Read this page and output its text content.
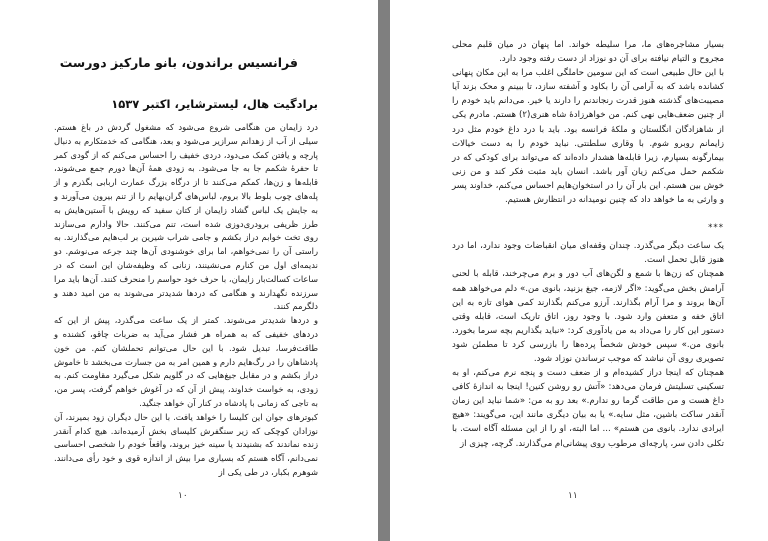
فرانسیس براندون، بانو مارکیز دورست
برادگیت هال، لیسترشایر، اکتبر ۱۵۳۷

درد زایمان من هنگامی شروع می‌شود که مشغول گردش در باغ هستم. سیلی از آب از زهدانم سرازیر می‌شود و بعد، هنگامی که خدمتکارم به دنبال پارچه و یافتن کمک می‌دود، دردی خفیف را احساس می‌کنم که از گودی کمر تا حفرهٔ شکمم جا به جا می‌شود. به زودی همهٔ آن‌ها دورم جمع می‌شوند، قابله‌ها و زن‌ها، کمکم می‌کنند تا از درگاه بزرگ عمارت اربابی بگذرم و از پله‌های چوب بلوط بالا بروم، لباس‌های گران‌بهایم را از تنم بیرون می‌آورند و به جایش یک لباس گشاد زایمان از کتان سفید که رویش با آستین‌هایش به طرز ظریفی برودری‌دوزی شده است، تنم می‌کنند. حالا وادارم می‌سازند روی تخت خوابم دراز بکشم و جامی شراب شیرین بر لب‌هایم می‌گذارند. به راستی آن را نمی‌خواهم، اما برای خوشنودی آن‌ها چند جرعه می‌نوشم. دو ندیمه‌ای اول من کنارم می‌نشینند، زنانی که وظیفه‌شان این است که در ساعات کسالت‌بار زایمان، با حرف خود حواسم را منحرف کنند. آن‌ها باید مرا سرزنده نگهدارند و هنگامی که دردها شدیدتر می‌شوند به من امید دهند و دلگرمم کنند.

و دردها شدیدتر می‌شوند. کمتر از یک ساعت می‌گذرد، پیش از این که دردهای خفیفی که به همراه هر فشار می‌آید به ضربات چاقو، کشنده و طاقت‌فرسا، تبدیل شود. با این حال می‌توانم تحملشان کنم. من خون پادشاهان را در رگ‌هایم دارم و همین امر به من جسارت می‌بخشد تا خاموش دراز بکشم و در مقابل جیغ‌هایی که در گلویم شکل می‌گیرد مقاومت کنم. به زودی، به خواست خداوند، پیش از آن که در آغوش خواهم گرفت، پسر من، به تاجی که زمانی با پادشاه در کنار آن خواهد جنگید.

کبوترهای جوان این کلیسا را خواهد یافت. با این حال دیگران زود بمیرند، آن نوزادان کوچکی که زیر سنگفرش کلیسای بخش آرمیده‌اند. هیچ کدام آنقدر زنده نماندند که بشنیدند یا سینه خیز بروند، واقعاً خودم را شخصی احساسی نمی‌دانم، آگاه هستم که بسیاری مرا بیش از اندازه قوی و خود رأی می‌دانند. شوهرم بکبار، در طی یکی از

۱۰

بسیار مشاجره‌های ما، مرا سلیطه خواند. اما پنهان در میان قلبم محلی مجروح و التیام نیافته برای آن دو نوزاد از دست رفته وجود دارد.

با این حال طبیعی است که این سومین حاملگی اغلب مرا به این مکان پنهانی کشانده باشد که به آرامی آن را بکاود و آشفته سازد، تا ببینم و محک بزند آیا مصیبت‌های گذشته هنوز قدرت رنجاندنم را دارند یا خیر. می‌دانم باید خودم را از چنین ضعف‌هایی نهی کنم. من خواهرزادهٔ شاه هنری(۲) هستم. مادرم یکی از شاهزادگان انگلستان و ملکهٔ فرانسه بود. باید با درد داغ خودم مثل درد زایمانم روبرو شوم. با وقاری سلطنتی. نباید خودم را به دست خیالات بیمارگونه بسپارم، زیرا قابله‌ها هشدار داده‌اند که می‌تواند برای کودکی که در شکمم حمل می‌کنم زیان آور باشد. انسان باید مثبت فکر کند و من زنی خوش بین هستم. این بار آن را در استخوان‌هایم احساس می‌کنم، خداوند پسر و وارثی به ما خواهد داد که چنین نومیدانه در انتظارش هستیم.

***

یک ساعت دیگر می‌گذرد. چندان وقفه‌ای میان انقباضات وجود ندارد، اما درد هنوز قابل تحمل است.

همچنان که زن‌ها با شمع و لگن‌های آب دور و برم می‌چرخند، قابله با لحنی آرامش بخش می‌گوید: «اگر لازمه، جیغ بزنید، بانوی من.» دلم می‌خواهد همه آن‌ها بروند و مرا آرام بگذارند. آرزو می‌کنم بگذارند کمی هوای تازه به این اتاق خفه و متعفن وارد شود. با وجود روز، اتاق تاریک است، قابله وقتی دستور این کار را می‌داد به من یادآوری کرد: «نباید بگذاریم بچه سرما بخورد. بانوی من.» سپس خودش شخصاً پرده‌ها را بازرسی کرد تا مطمئن شود تصویری روی آن نباشد که موجب ترساندن نوزاد شود.

همچنان که اینجا دراز کشیده‌ام و از ضعف دست و پنجه نرم می‌کنم، او به تسکینی تسلیتش فرمان می‌دهد: «آتش رو روشن کنین! اینجا به اندازهٔ کافی داغ هست و من طاقت گرما رو ندارم.» بعد رو به من: «شما نباید این زمان آنقدر ساکت باشین، مثل سایه.» یا به بیان دیگری مانند این، می‌گویند: «هیچ ایرادی ندارد. بانوی من هستم» ... اما البته، او را از این مسئله آگاه است. با تکلی دادن سر، پارچه‌ای مرطوب روی پیشانی‌ام می‌گذارند. گرچه، چیزی از

۱۱
